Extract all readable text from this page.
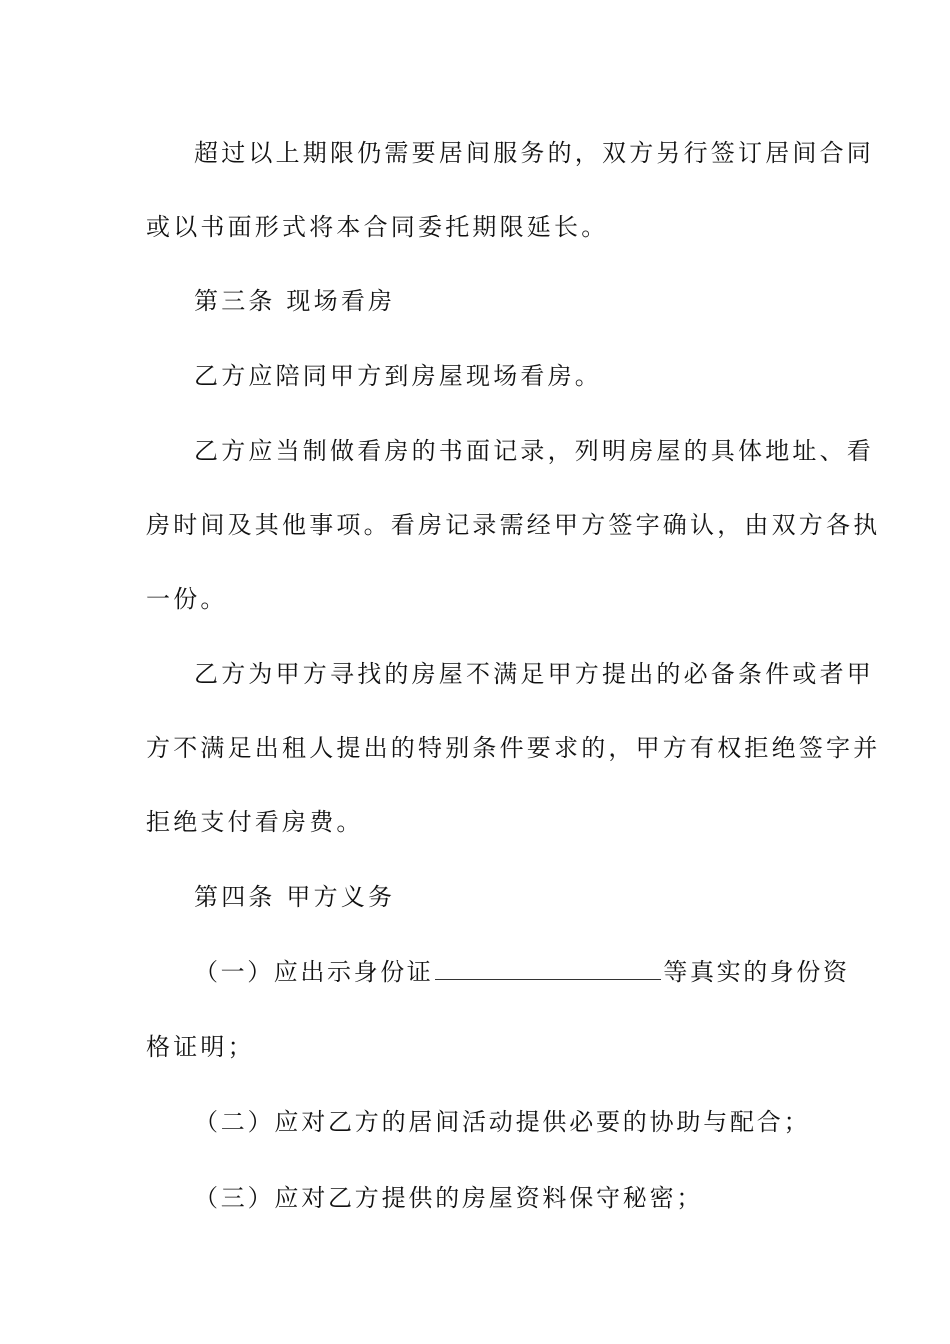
超过以上期限仍需要居间服务的，双方另行签订居间合同
或以书面形式将本合同委托期限延长。
第三条 现场看房
乙方应陪同甲方到房屋现场看房。
乙方应当制做看房的书面记录，列明房屋的具体地址、看
房时间及其他事项。看房记录需经甲方签字确认，由双方各执
一份。
乙方为甲方寻找的房屋不满足甲方提出的必备条件或者甲
方不满足出租人提出的特别条件要求的，甲方有权拒绝签字并
拒绝支付看房费。
第四条 甲方义务
（一）应出示身份证	等真实的身份资
格证明；
（二）应对乙方的居间活动提供必要的协助与配合；
（三）应对乙方提供的房屋资料保守秘密；
